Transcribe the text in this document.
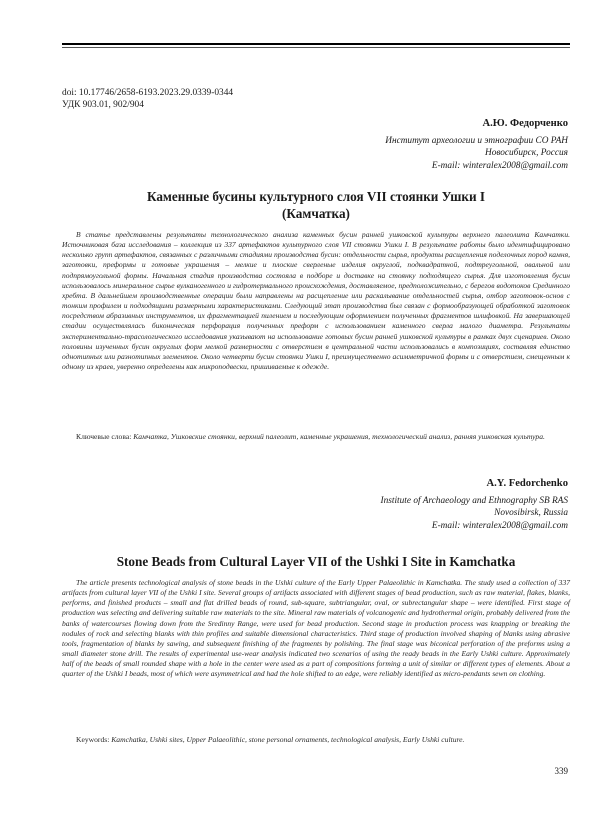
doi: 10.17746/2658-6193.2023.29.0339-0344
УДК 903.01, 902/904
А.Ю. Федорченко
Институт археологии и этнографии СО РАН
Новосибирск, Россия
E-mail: winteralex2008@gmail.com
Каменные бусины культурного слоя VII стоянки Ушки I
(Камчатка)

В статье представлены результаты технологического анализа каменных бусин ранней ушковской культуры верхнего палеолита Камчатки. Источниковая база исследования – коллекция из 337 артефактов культурного слоя VII стоянки Ушки I. В результате работы было идентифицировано несколько групп артефактов, связанных с различными стадиями производства бусин: отдельности сырья, продукты расщепления поделочных пород камня, заготовки, преформы и готовые украшения – мелкие и плоские сверленые изделия округлой, подквадратной, подтреугольной, овальной или подпрямоугольной формы. Начальная стадия производства состояла в подборе и доставке на стоянку подходящего сырья. Для изготовления бусин использовалось минеральное сырье вулканогенного и гидротермального происхождения, доставляемое, предположительно, с берегов водотоков Срединного хребта. В дальнейшем производственные операции были направлены на расщепление или раскалывание отдельностей сырья, отбор заготовок-основ с тонким профилем и подходящими размерными характеристиками. Следующий этап производства был связан с формообразующей обработкой заготовок посредством абразивных инструментов, их фрагментацией пилением и последующим оформлением полученных фрагментов шлифовкой. На завершающей стадии осуществлялась биконическая перфорация полученных преформ с использованием каменного сверла малого диаметра. Результаты экспериментально-трасологического исследования указывают на использование готовых бусин ранней ушковской культуры в рамках двух сценариев. Около половины изученных бусин округлых форм мелкой размерности с отверстием в центральной части использовались в композициях, составляя единство однотипных или разнотипных элементов. Около четверти бусин стоянки Ушки I, преимущественно асимметричной формы и с отверстием, смещенным к одному из краев, уверенно определены как микроподвески, пришиваемые к одежде.

Ключевые слова: Камчатка, Ушковские стоянки, верхний палеолит, каменные украшения, технологический анализ, ранняя ушковская культура.

A.Y. Fedorchenko
Institute of Archaeology and Ethnography SB RAS
Novosibirsk, Russia
E-mail: winteralex2008@gmail.com
Stone Beads from Cultural Layer VII of the Ushki I Site in Kamchatka

The article presents technological analysis of stone beads in the Ushki culture of the Early Upper Palaeolithic in Kamchatka. The study used a collection of 337 artifacts from cultural layer VII of the Ushki I site. Several groups of artifacts associated with different stages of bead production, such as raw material, flakes, blanks, performs, and finished products – small and flat drilled beads of round, sub-square, subtriangular, oval, or subrectangular shape – were identified. First stage of production was selecting and delivering suitable raw materials to the site. Mineral raw materials of volcanogenic and hydrothermal origin, probably delivered from the banks of watercourses flowing down from the Sredinny Range, were used for bead production. Second stage in production process was knapping or breaking the nodules of rock and selecting blanks with thin profiles and suitable dimensional characteristics. Third stage of production involved shaping of blanks using abrasive tools, fragmentation of blanks by sawing, and subsequent finishing of the fragments by polishing. The final stage was biconical perforation of the preforms using a small diameter stone drill. The results of experimental use-wear analysis indicated two scenarios of using the ready beads in the Early Ushki culture. Approximately half of the beads of small rounded shape with a hole in the center were used as a part of compositions forming a unit of similar or different types of elements. About a quarter of the Ushki I beads, most of which were asymmetrical and had the hole shifted to an edge, were reliably identified as micro-pendants sewn on clothing.

Keywords: Kamchatka, Ushki sites, Upper Palaeolithic, stone personal ornaments, technological analysis, Early Ushki culture.

339
